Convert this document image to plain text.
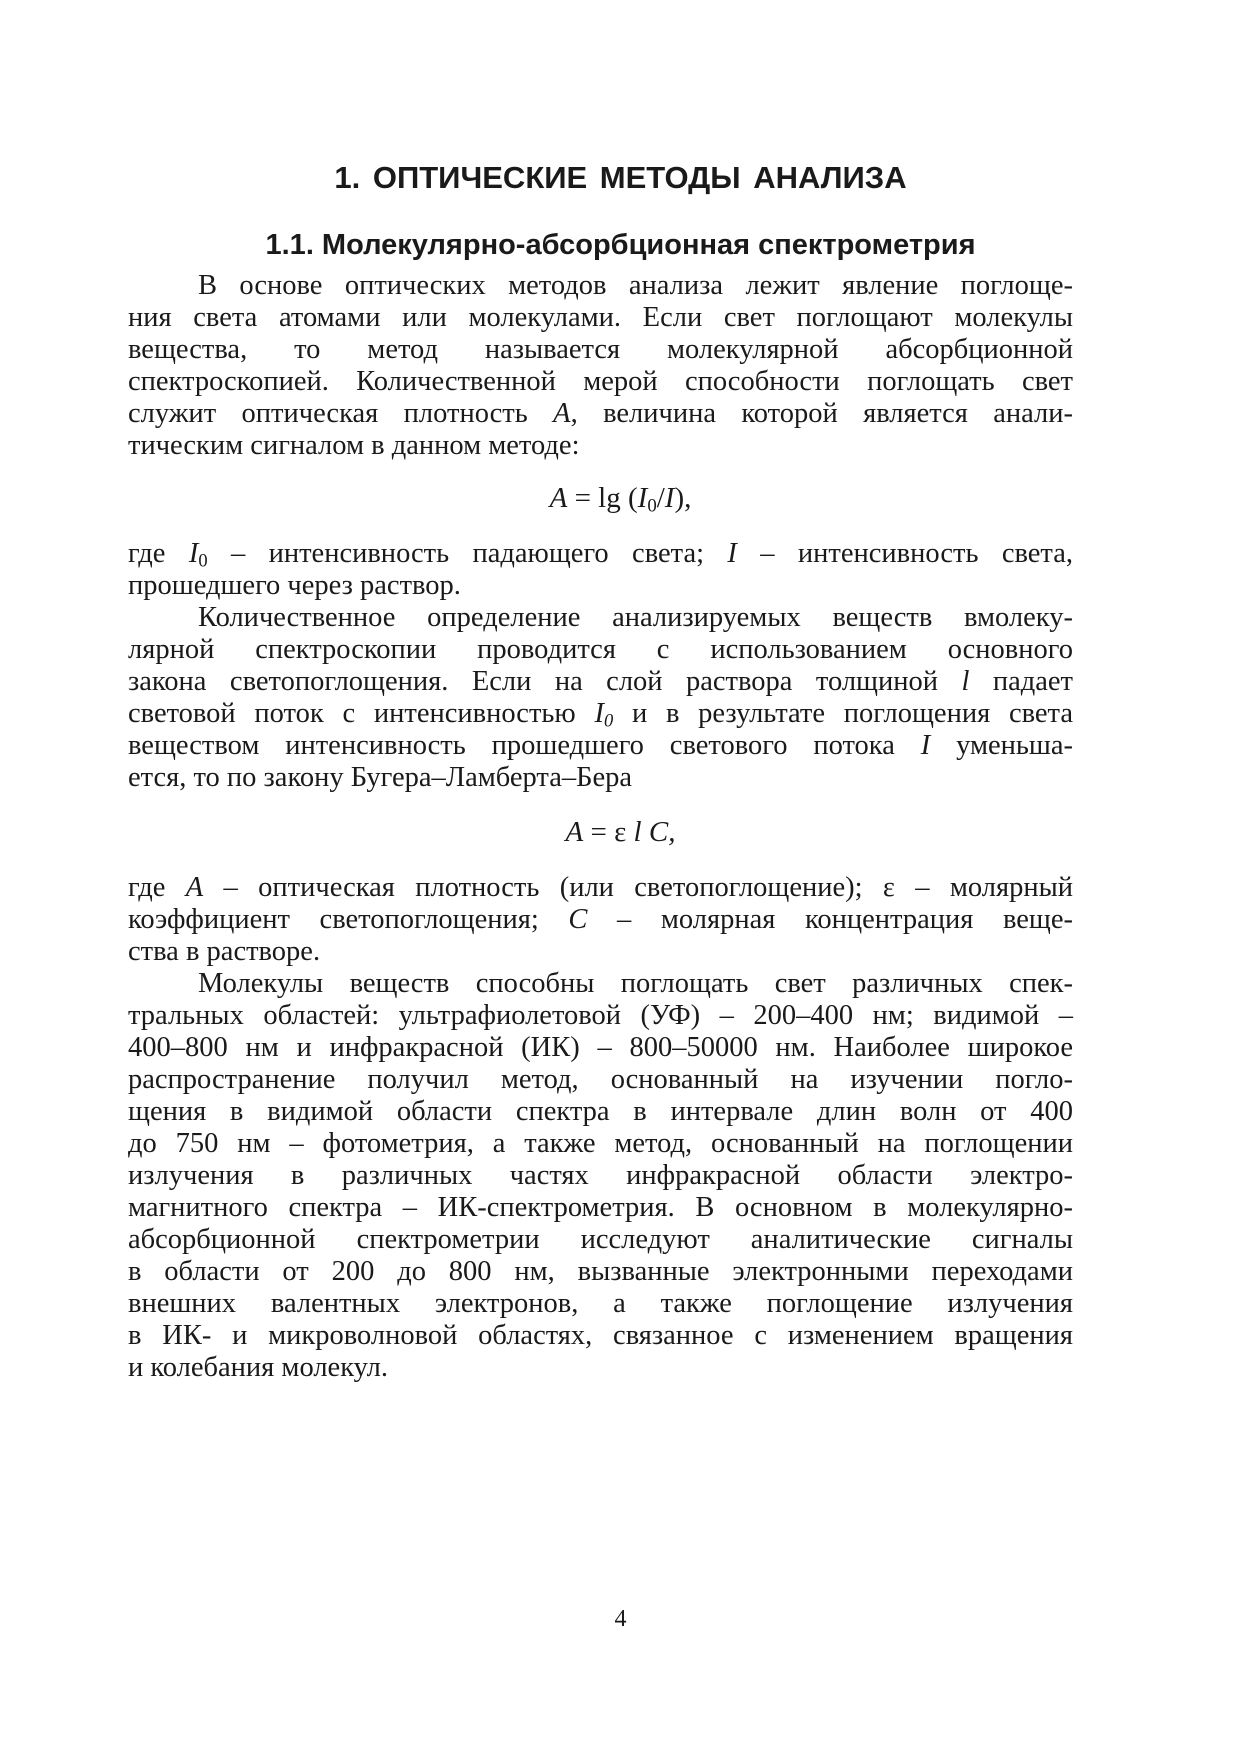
1. ОПТИЧЕСКИЕ МЕТОДЫ АНАЛИЗА
1.1. Молекулярно-абсорбционная спектрометрия
В основе оптических методов анализа лежит явление поглоще-
ния света атомами или молекулами. Если свет поглощают молекулы
вещества, то метод называется молекулярной абсорбционной
спектроскопией. Количественной мерой способности поглощать свет
служит оптическая плотность A, величина которой является анали-
тическим сигналом в данном методе:
$A = \lg (I_0/I)$,
где $I_0$ – интенсивность падающего света; I – интенсивность света,
прошедшего через раствор.
Количественное определение анализируемых веществ вмолеку-
лярной спектроскопии проводится с использованием основного
закона светопоглощения. Если на слой раствора толщиной l падает
световой поток с интенсивностью $I_0$ и в результате поглощения света
веществом интенсивность прошедшего светового потока I уменьша-
ется, то по закону Бугера–Ламберта–Бера
A = ε l C,
где A – оптическая плотность (или светопоглощение); ε – молярный
коэффициент светопоглощения; C – молярная концентрация веще-
ства в растворе.
Молекулы веществ способны поглощать свет различных спек-
тральных областей: ультрафиолетовой (УФ) – 200–400 нм; видимой –
400–800 нм и инфракрасной (ИК) – 800–50000 нм. Наиболее широкое
распространение получил метод, основанный на изучении погло-
щения в видимой области спектра в интервале длин волн от 400
до 750 нм – фотометрия, а также метод, основанный на поглощении
излучения в различных частях инфракрасной области электро-
магнитного спектра – ИК-спектрометрия. В основном в молекулярно-
абсорбционной спектрометрии исследуют аналитические сигналы
в области от 200 до 800 нм, вызванные электронными переходами
внешних валентных электронов, а также поглощение излучения
в ИК- и микроволновой областях, связанное с изменением вращения
и колебания молекул.
4
